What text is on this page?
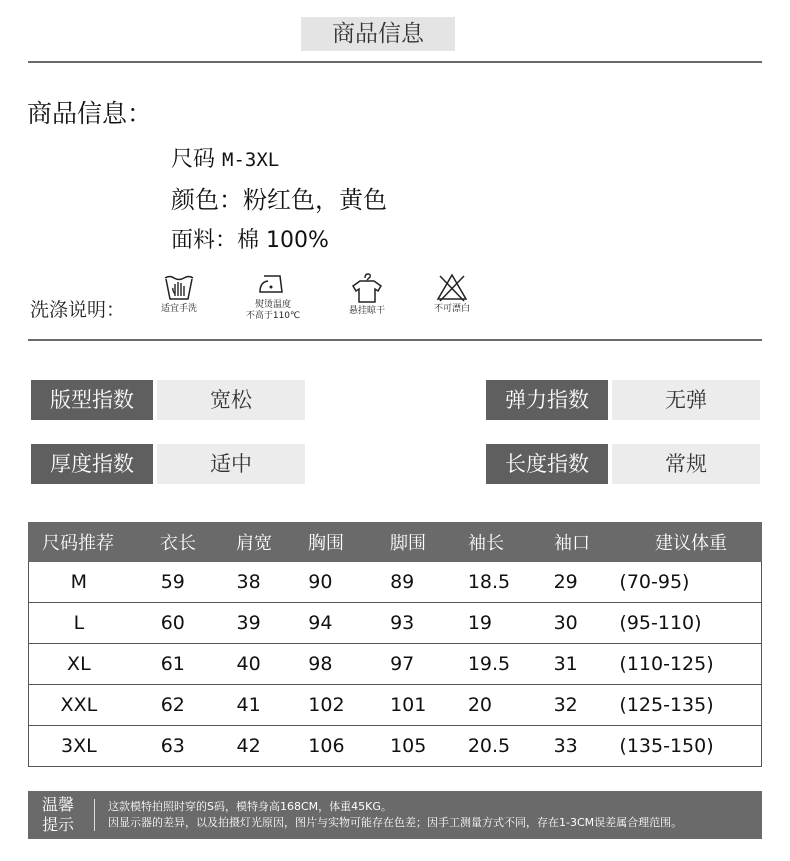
商品信息
商品信息：
尺码 M-3XL
颜色：粉红色，黄色
面料：棉 100%
洗涤说明：	适宜手洗	熨烫温度
不高于110℃	悬挂晾干	不可漂白
版型指数	宽松	弹力指数	无弹
厚度指数	适中	长度指数	常规
尺码推荐	衣长	肩宽	胸围	脚围	袖长	袖口	建议体重
M	59	38	90	89	18.5	29	(70-95)
L	60	39	94	93	19	30	(95-110)
XL	61	40	98	97	19.5	31	(110-125)
XXL	62	41	102	101	20	32	(125-135)
3XL	63	42	106	105	20.5	33	(135-150)
温馨
提示
这款模特拍照时穿的S码，模特身高168CM，体重45KG。
因显示器的差异，以及拍摄灯光原因，图片与实物可能存在色差；因手工测量方式不同，存在1-3CM误差属合理范围。
